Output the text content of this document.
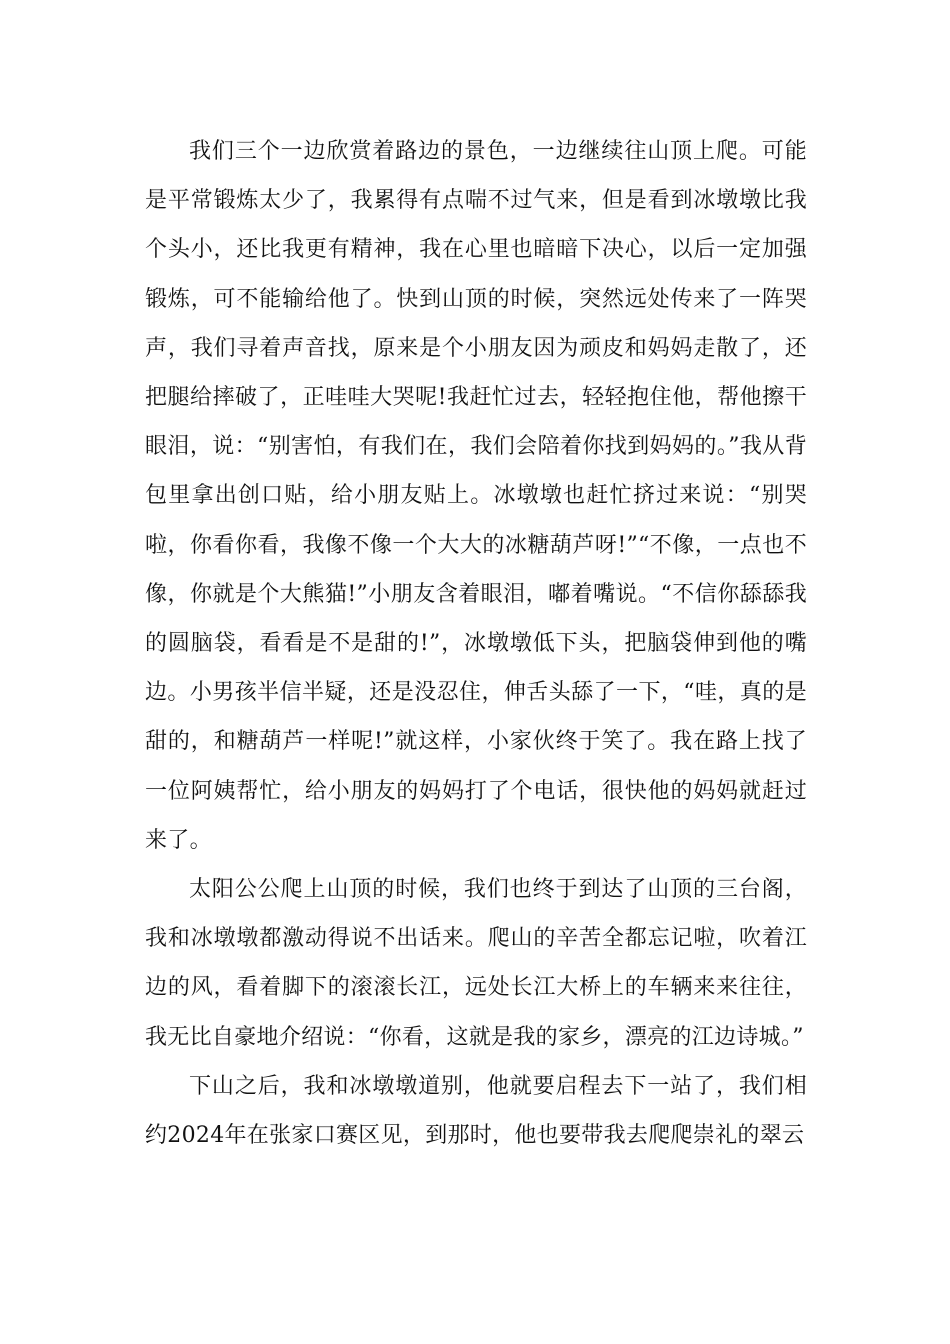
我们三个一边欣赏着路边的景色，一边继续往山顶上爬。可能是平常锻炼太少了，我累得有点喘不过气来，但是看到冰墩墩比我个头小，还比我更有精神，我在心里也暗暗下决心，以后一定加强锻炼，可不能输给他了。快到山顶的时候，突然远处传来了一阵哭声，我们寻着声音找，原来是个小朋友因为顽皮和妈妈走散了，还把腿给摔破了，正哇哇大哭呢!我赶忙过去，轻轻抱住他，帮他擦干眼泪，说：“别害怕，有我们在，我们会陪着你找到妈妈的。”我从背包里拿出创口贴，给小朋友贴上。冰墩墩也赶忙挤过来说：“别哭啦，你看你看，我像不像一个大大的冰糖葫芦呀!”“不像，一点也不像，你就是个大熊猫!”小朋友含着眼泪，嘟着嘴说。“不信你舔舔我的圆脑袋，看看是不是甜的!”，冰墩墩低下头，把脑袋伸到他的嘴边。小男孩半信半疑，还是没忍住，伸舌头舔了一下，“哇，真的是甜的，和糖葫芦一样呢!”就这样，小家伙终于笑了。我在路上找了一位阿姨帮忙，给小朋友的妈妈打了个电话，很快他的妈妈就赶过来了。

太阳公公爬上山顶的时候，我们也终于到达了山顶的三台阁，我和冰墩墩都激动得说不出话来。爬山的辛苦全都忘记啦，吹着江边的风，看着脚下的滚滚长江，远处长江大桥上的车辆来来往往，我无比自豪地介绍说：“你看，这就是我的家乡，漂亮的江边诗城。”

下山之后，我和冰墩墩道别，他就要启程去下一站了，我们相约2024年在张家口赛区见，到那时，他也要带我去爬爬崇礼的翠云
